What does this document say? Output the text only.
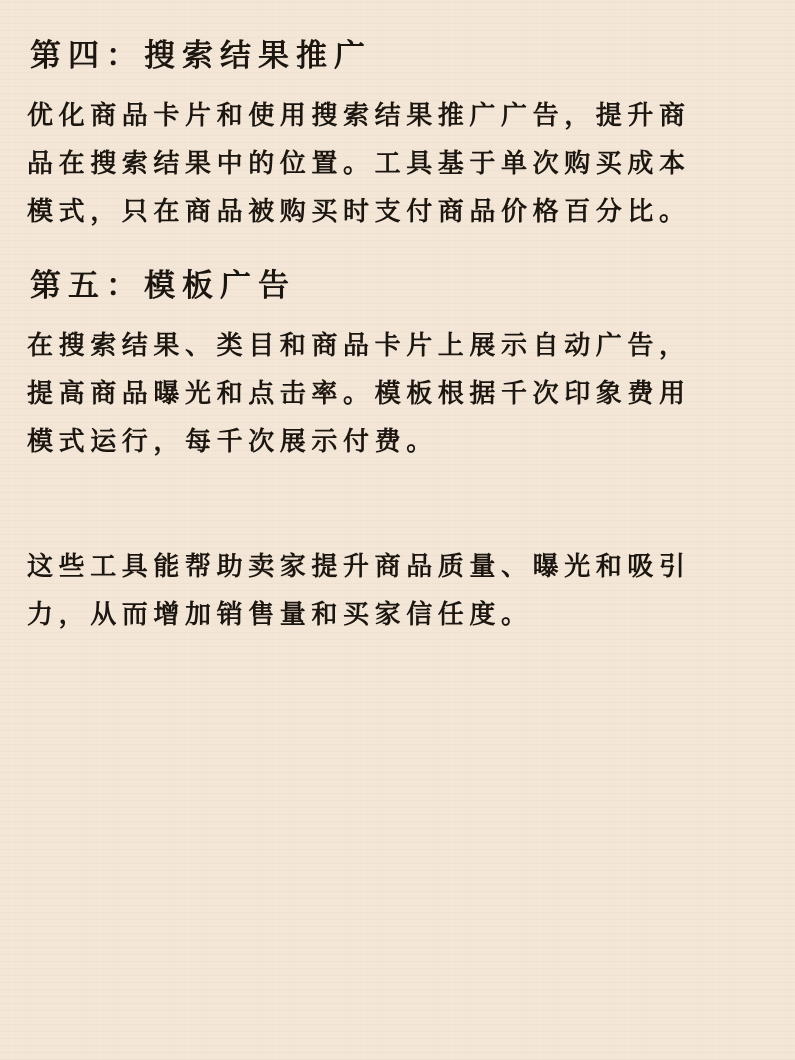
第四：搜索结果推广
优化商品卡片和使用搜索结果推广广告，提升商
品在搜索结果中的位置。工具基于单次购买成本
模式，只在商品被购买时支付商品价格百分比。
第五：模板广告
在搜索结果、类目和商品卡片上展示自动广告，
提高商品曝光和点击率。模板根据千次印象费用
模式运行，每千次展示付费。
这些工具能帮助卖家提升商品质量、曝光和吸引
力，从而增加销售量和买家信任度。
